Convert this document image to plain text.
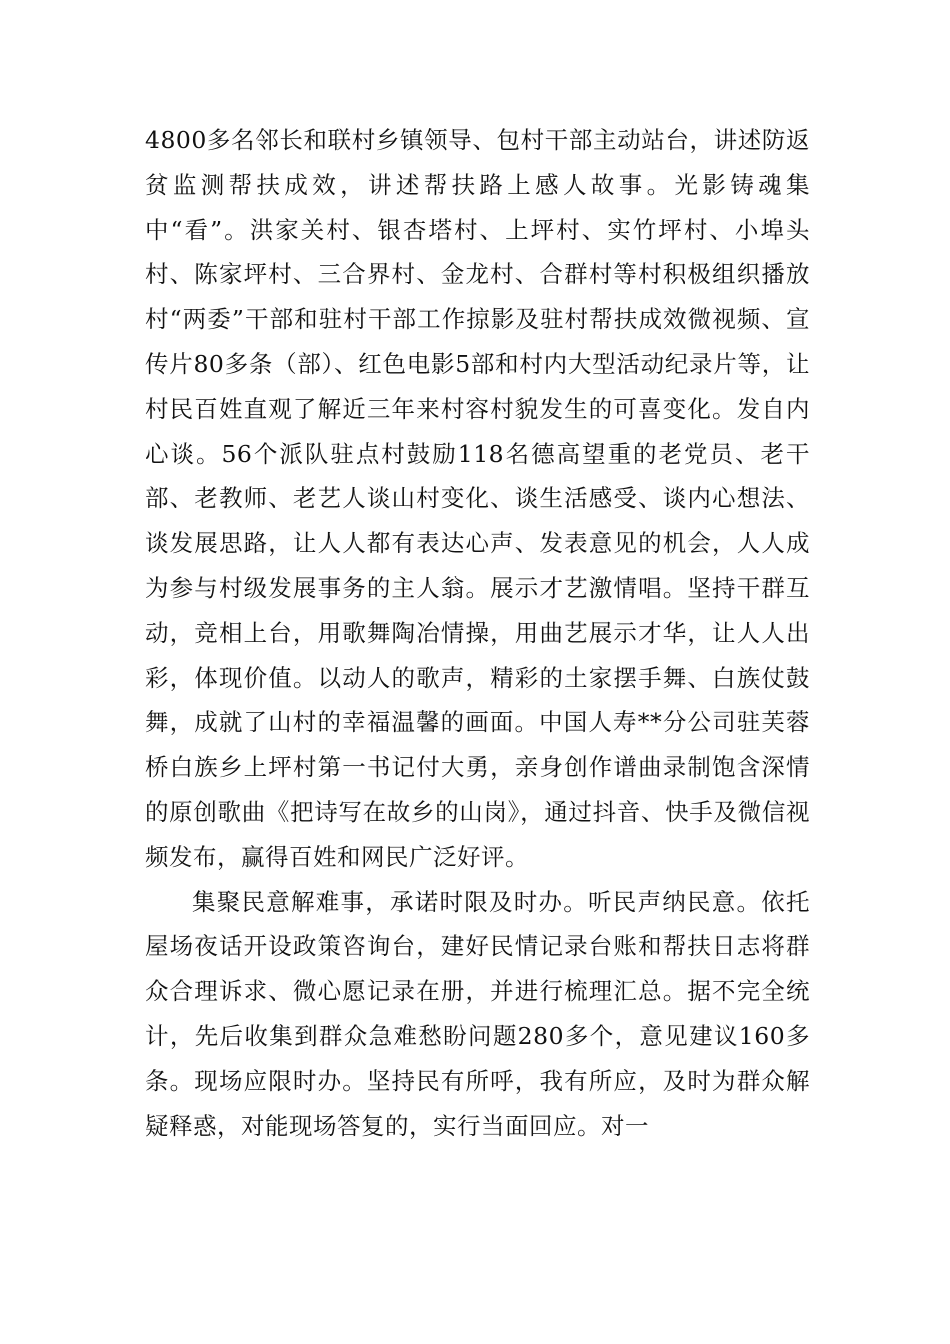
4800多名邻长和联村乡镇领导、包村干部主动站台，讲述防返贫监测帮扶成效，讲述帮扶路上感人故事。光影铸魂集中“看”。洪家关村、银杏塔村、上坪村、实竹坪村、小埠头村、陈家坪村、三合界村、金龙村、合群村等村积极组织播放村“两委”干部和驻村干部工作掠影及驻村帮扶成效微视频、宣传片80多条（部）、红色电影5部和村内大型活动纪录片等，让村民百姓直观了解近三年来村容村貌发生的可喜变化。发自内心谈。56个派队驻点村鼓励118名德高望重的老党员、老干部、老教师、老艺人谈山村变化、谈生活感受、谈内心想法、谈发展思路，让人人都有表达心声、发表意见的机会，人人成为参与村级发展事务的主人翁。展示才艺激情唱。坚持干群互动，竞相上台，用歌舞陶冶情操，用曲艺展示才华，让人人出彩，体现价值。以动人的歌声，精彩的土家摆手舞、白族仗鼓舞，成就了山村的幸福温馨的画面。中国人寿**分公司驻芙蓉桥白族乡上坪村第一书记付大勇，亲身创作谱曲录制饱含深情的原创歌曲《把诗写在故乡的山岗》，通过抖音、快手及微信视频发布，赢得百姓和网民广泛好评。

集聚民意解难事，承诺时限及时办。听民声纳民意。依托屋场夜话开设政策咨询台，建好民情记录台账和帮扶日志将群众合理诉求、微心愿记录在册，并进行梳理汇总。据不完全统计，先后收集到群众急难愁盼问题280多个，意见建议160多条。现场应限时办。坚持民有所呼，我有所应，及时为群众解疑释惑，对能现场答复的，实行当面回应。对一
